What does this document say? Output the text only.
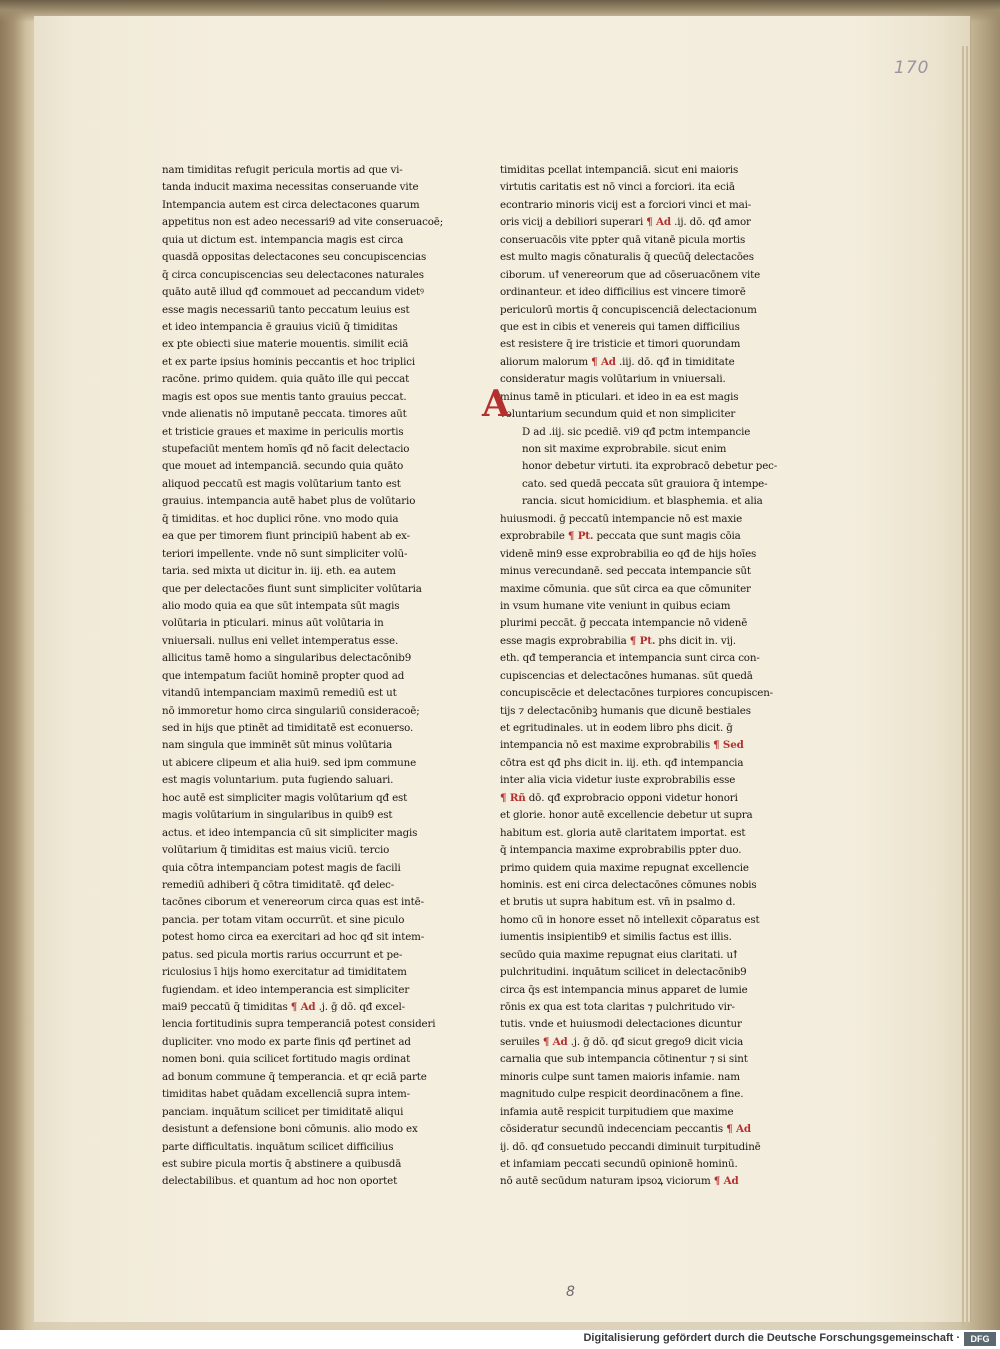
170
nam timiditas refugit pericula mortis ad que vi-
tanda inducit maxima necessitas conseruande vite
Intempancia autem est circa delectacones quarum
appetitus non est adeo necessari9 ad vite conseruacoē;
quia ut dictum est. intempancia magis est circa
quasdā oppositas delectacones seu concupiscencias
q̄ circa concupiscencias seu delectacones naturales
quāto autē illud qđ commouet ad peccandum videtꝰ
esse magis necessariū tanto peccatum leuius est
et ideo intempancia ē grauius viciū q̄ timiditas
ex pte obiecti siue materie mouentis. similit eciā
et ex parte ipsius hominis peccantis et hoc triplici
racōne. primo quidem. quia quāto ille qui peccat
magis est opos sue mentis tanto grauius peccat.
vnde alienatis nō imputanē peccata. timores aūt
et tristicie graues et maxime in periculis mortis
stupefaciūt mentem homīs qđ nō facit delectacio
que mouet ad intempanciā. secundo quia quāto
aliquod peccatū est magis volūtarium tanto est
grauius. intempancia autē habet plus de volūtario
q̄ timiditas. et hoc duplici rōne. vno modo quia
ea que per timorem fiunt principiū habent ab ex-
teriori impellente. vnde nō sunt simpliciter volū-
taria. sed mixta ut dicitur in. iij. eth. ea autem
que per delectacōes fiunt sunt simpliciter volūtaria
alio modo quia ea que sūt intempata sūt magis
volūtaria in pticulari. minus aūt volūtaria in
vniuersali. nullus eni vellet intemperatus esse.
allicitus tamē homo a singularibus delectacōnib9
que intempatum faciūt hominē propter quod ad
vitandū intempanciam maximū remediū est ut
nō immoretur homo circa singulariū consideracoē;
sed in hijs que ptinēt ad timiditatē est econuerso.
nam singula que imminēt sūt minus volūtaria
ut abicere clipeum et alia hui9. sed ipm commune
est magis voluntarium. puta fugiendo saluari.
hoc autē est simpliciter magis volūtarium qđ est
magis volūtarium in singularibus in quib9 est
actus. et ideo intempancia cū sit simpliciter magis
volūtarium q̄ timiditas est maius viciū. tercio
quia cōtra intempanciam potest magis de facili
remediū adhiberi q̄ cōtra timiditatē. qđ delec-
tacōnes ciborum et venereorum circa quas est intē-
pancia. per totam vitam occurrūt. et sine piculo
potest homo circa ea exercitari ad hoc qđ sit intem-
patus. sed picula mortis rarius occurrunt et pe-
riculosius ī hijs homo exercitatur ad timiditatem
fugiendam. et ideo intemperancia est simpliciter
mai9 peccatū q̄ timiditas ¶ Ad .j. ḡ dō. qđ excel-
lencia fortitudinis supra temperanciā potest consideri
dupliciter. vno modo ex parte finis qđ pertinet ad
nomen boni. quia scilicet fortitudo magis ordinat
ad bonum commune q̄ temperancia. et qr eciā parte
timiditas habet quādam excellenciā supra intem-
panciam. inquātum scilicet per timiditatē aliqui
desistunt a defensione boni cōmunis. alio modo ex
parte difficultatis. inquātum scilicet difficilius
est subire picula mortis q̄ abstinere a quibusdā
delectabilibus. et quantum ad hoc non oportet
timiditas pcellat intempanciā. sicut eni maioris
virtutis caritatis est nō vinci a forciori. ita eciā
econtrario minoris vicij est a forciori vinci et mai-
oris vicij a debiliori superari ¶ Ad .ij. dō. qđ amor
conseruacōis vite ppter quā vitanē picula mortis
est multo magis cōnaturalis q̄ quecūq̄ delectacōes
ciborum. uꝉ venereorum que ad cōseruacōnem vite
ordinanteur. et ideo difficilius est vincere timorē
periculorū mortis q̄ concupiscenciā delectacionum
que est in cibis et venereis qui tamen difficilius
est resistere q̄ ire tristicie et timori quorundam
aliorum malorum ¶ Ad .iij. dō. qđ in timiditate
consideratur magis volūtarium in vniuersali.
minus tamē in pticulari. et ideo in ea est magis
voluntarium secundum quid et non simpliciter
D ad .iij. sic pcediē. vi9 qđ pctm intempancie
non sit maxime exprobrabile. sicut enim
honor debetur virtuti. ita exprobracō debetur pec-
cato. sed quedā peccata sūt grauiora q̄ intempe-
rancia. sicut homicidium. et blasphemia. et alia
huiusmodi. ḡ peccatū intempancie nō est maxie
exprobrabile ¶ Pt. peccata que sunt magis cōia
videnē min9 esse exprobrabilia eo qđ de hijs hoīes
minus verecundanē. sed peccata intempancie sūt
maxime cōmunia. que sūt circa ea que cōmuniter
in vsum humane vite veniunt in quibus eciam
plurimi peccāt. ḡ peccata intempancie nō videnē
esse magis exprobrabilia ¶ Pt. phs dicit in. vij.
eth. qđ temperancia et intempancia sunt circa con-
cupiscencias et delectacōnes humanas. sūt quedā
concupiscēcie et delectacōnes turpiores concupiscen-
tijs ⁊ delectacōnibꝫ humanis que dicunē bestiales
et egritudinales. ut in eodem libro phs dicit. ḡ
intempancia nō est maxime exprobrabilis ¶ Sed
cōtra est qđ phs dicit in. iij. eth. qđ intempancia
inter alia vicia videtur iuste exprobrabilis esse
¶ Rñ dō. qđ exprobracio opponi videtur honori
et glorie. honor autē excellencie debetur ut supra
habitum est. gloria autē claritatem importat. est
q̄ intempancia maxime exprobrabilis ppter duo.
primo quidem quia maxime repugnat excellencie
hominis. est eni circa delectacōnes cōmunes nobis
et brutis ut supra habitum est. vn̄ in psalmo d.
homo cū in honore esset nō intellexit cōparatus est
iumentis insipientib9 et similis factus est illis.
secūdo quia maxime repugnat eius claritati. uꝉ
pulchritudini. inquātum scilicet in delectacōnib9
circa q̄s est intempancia minus apparet de lumie
rōnis ex qua est tota claritas ⁊ pulchritudo vir-
tutis. vnde et huiusmodi delectaciones dicuntur
seruiles ¶ Ad .j. ḡ dō. qđ sicut grego9 dicit vicia
carnalia que sub intempancia cōtinentur ⁊ si sint
minoris culpe sunt tamen maioris infamie. nam
magnitudo culpe respicit deordinacōnem a fine.
infamia autē respicit turpitudiem que maxime
cōsideratur secundū indecenciam peccantis ¶ Ad
ij. dō. qđ consuetudo peccandi diminuit turpitudinē
et infamiam peccati secundū opinionē hominū.
nō autē secūdum naturam ipsoꝝ viciorum ¶ Ad
A
8
Digitalisierung gefördert durch die Deutsche Forschungsgemeinschaft ·	DFG
